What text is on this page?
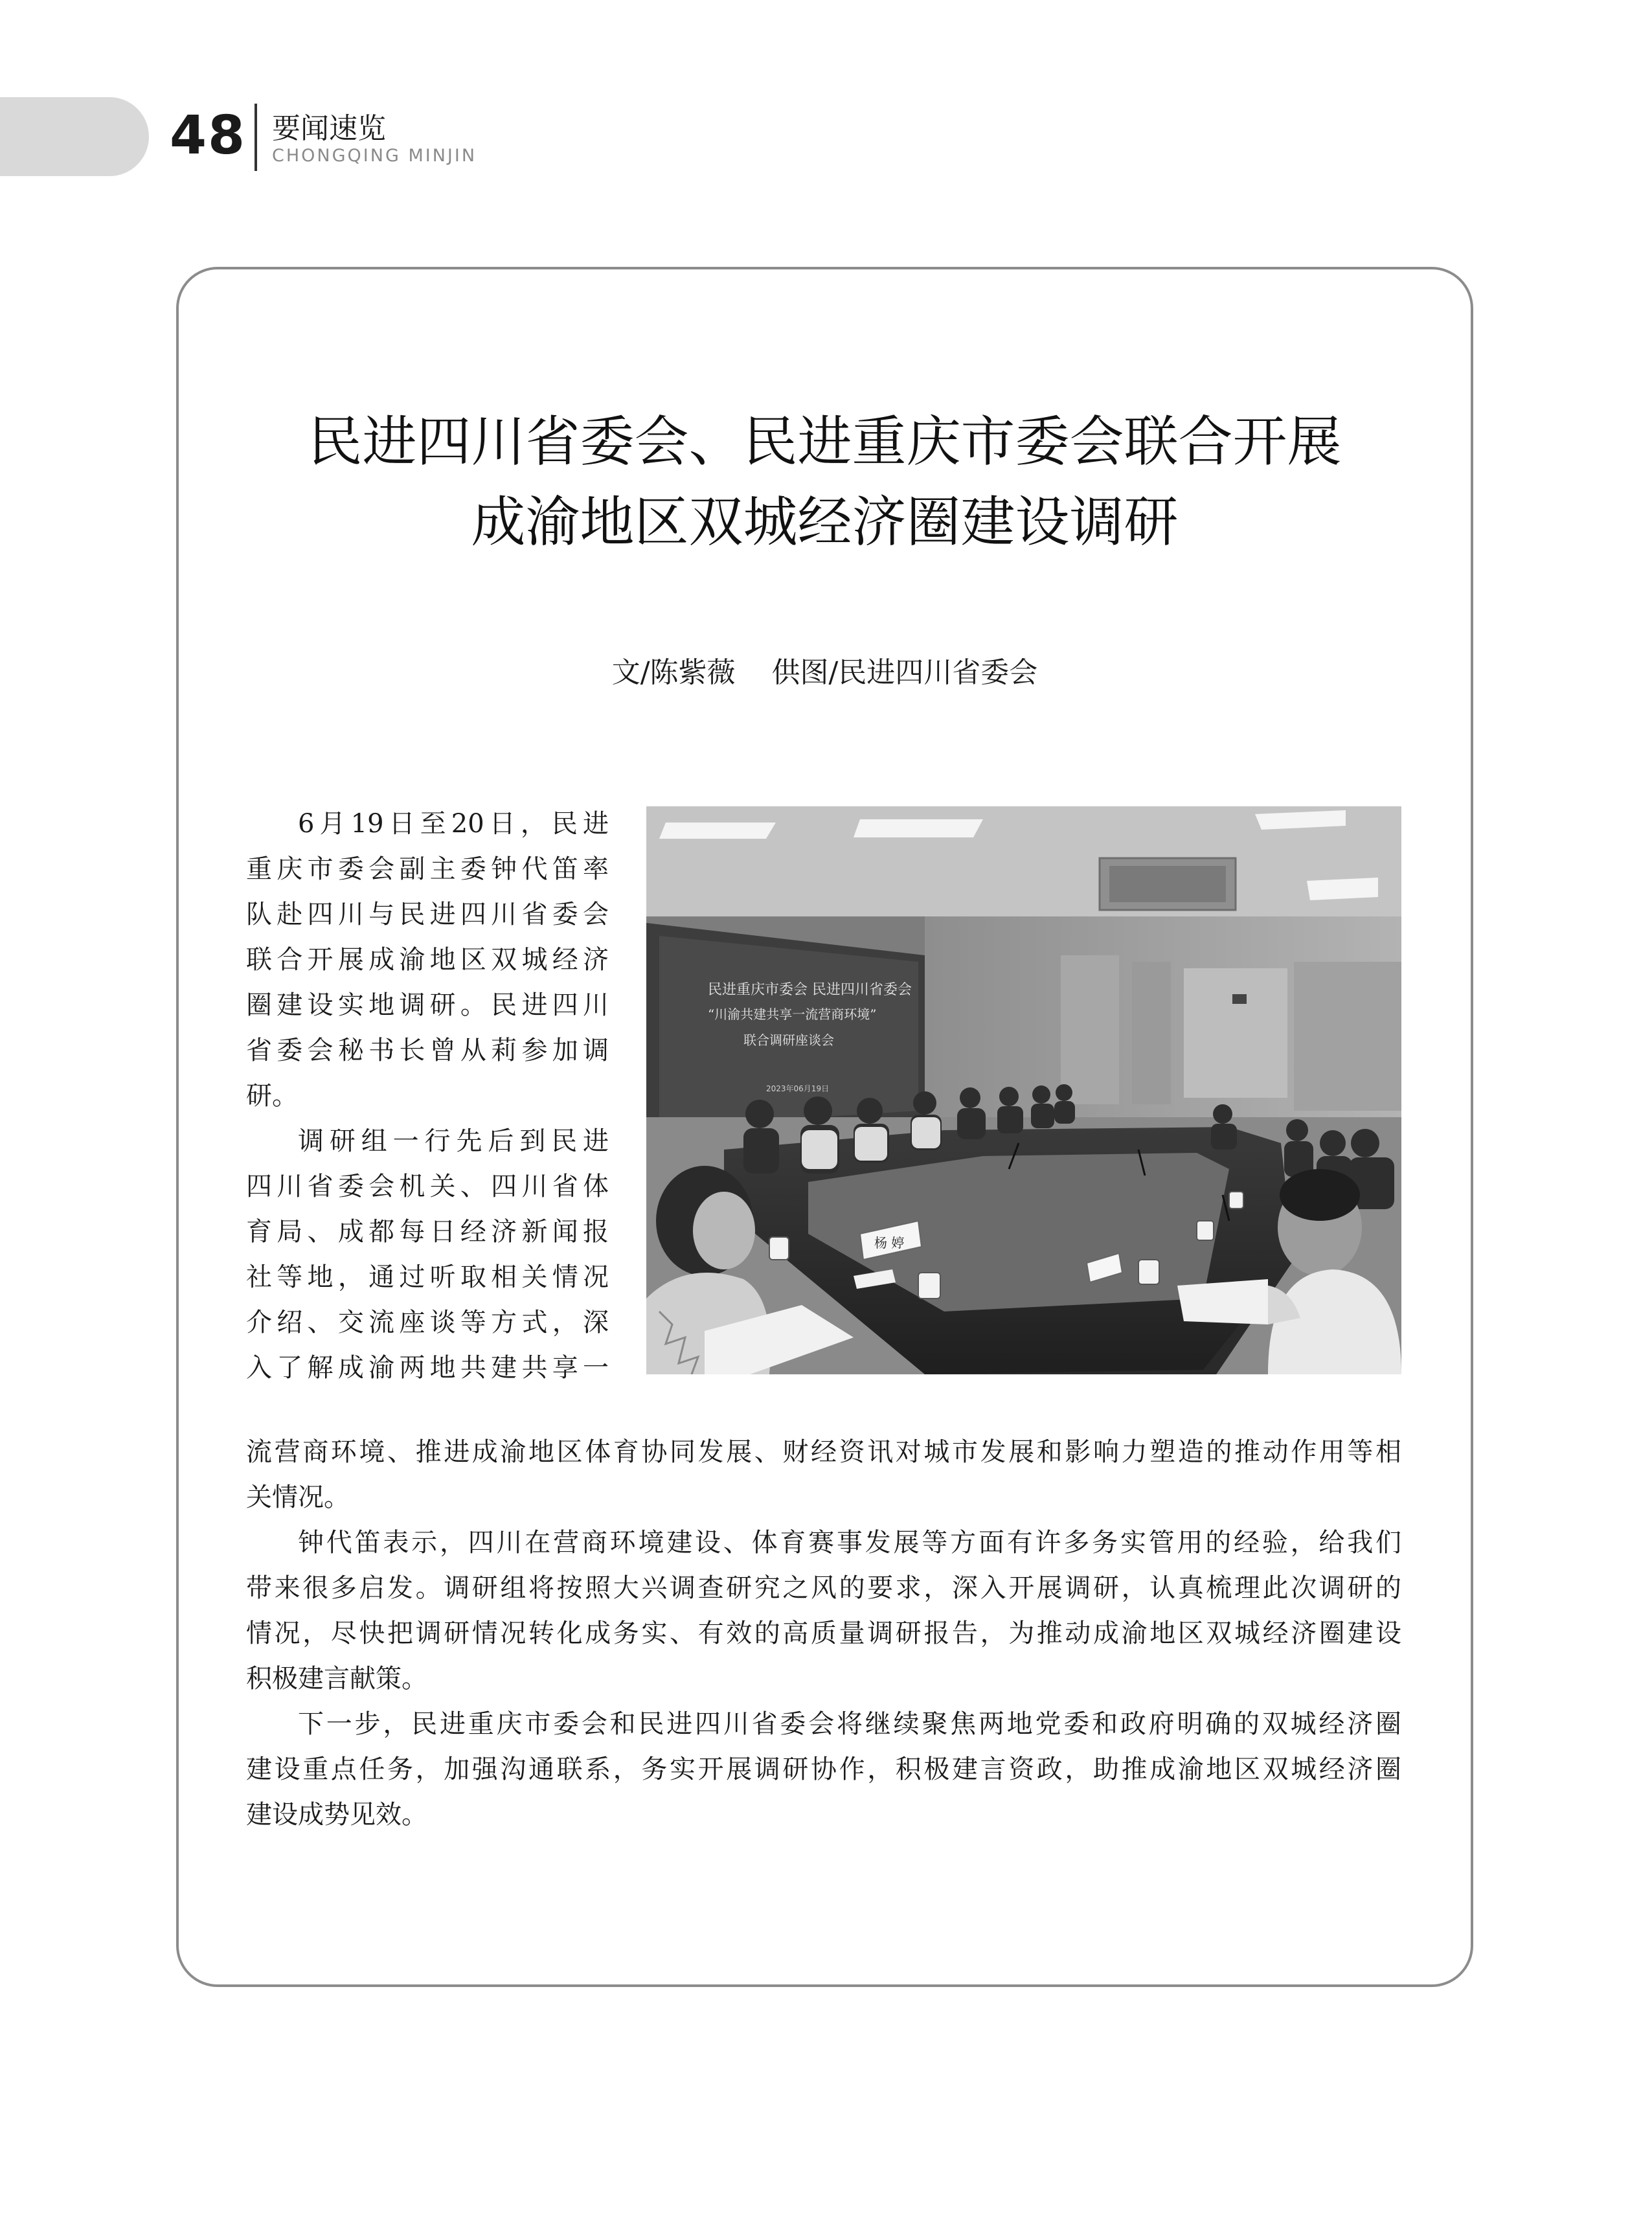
48 要闻速览
CHONGQING MINJIN
民进四川省委会、民进重庆市委会联合开展
成渝地区双城经济圈建设调研
文/陈紫薇    供图/民进四川省委会
民进重庆市委会 民进四川省委会
“川渝共建共享一流营商环境”
联合调研座谈会
2023年06月19日
杨 婷
6月19日至20日，民进
重庆市委会副主委钟代笛率
队赴四川与民进四川省委会
联合开展成渝地区双城经济
圈建设实地调研。民进四川
省委会秘书长曾从莉参加调
研。
调研组一行先后到民进
四川省委会机关、四川省体
育局、成都每日经济新闻报
社等地，通过听取相关情况
介绍、交流座谈等方式，深
入了解成渝两地共建共享一
流营商环境、推进成渝地区体育协同发展、财经资讯对城市发展和影响力塑造的推动作用等相
关情况。
钟代笛表示，四川在营商环境建设、体育赛事发展等方面有许多务实管用的经验，给我们
带来很多启发。调研组将按照大兴调查研究之风的要求，深入开展调研，认真梳理此次调研的
情况，尽快把调研情况转化成务实、有效的高质量调研报告，为推动成渝地区双城经济圈建设
积极建言献策。
下一步，民进重庆市委会和民进四川省委会将继续聚焦两地党委和政府明确的双城经济圈
建设重点任务，加强沟通联系，务实开展调研协作，积极建言资政，助推成渝地区双城经济圈
建设成势见效。
